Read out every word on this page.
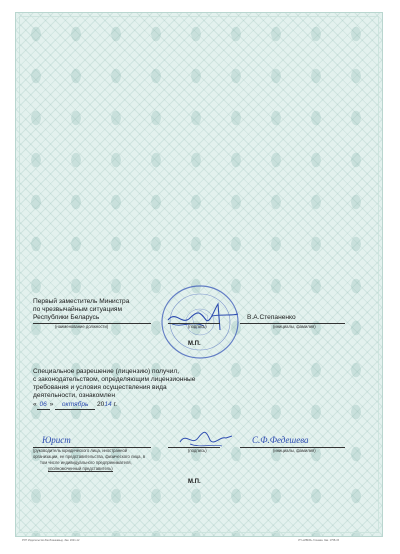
Первый заместитель Министра
по чрезвычайным ситуациям
Республики Беларусь
(наименование должности)	(подпись)
В.А.Степаненко
(инициалы, фамилия)
М.П.
Специальное разрешение (лицензию) получил,
с законодательством, определяющим лицензионные
требования и условия осуществления вида
деятельности, ознакомлен
« 06 » октябрь 2014 г.
Юрист
(руководитель юридического лица, иностранной
организации, ее представительства, физического лица, в
том числе индивидуального предпринимателя,
уполномоченный представитель)
(подпись)
С.Ф.Федешева
(инициалы, фамилия)
М.П.
РУП Издательство Белбланкавыд. Зак. 2021-12	УП «МВСБ» Гознака. Зак. 1758-15
